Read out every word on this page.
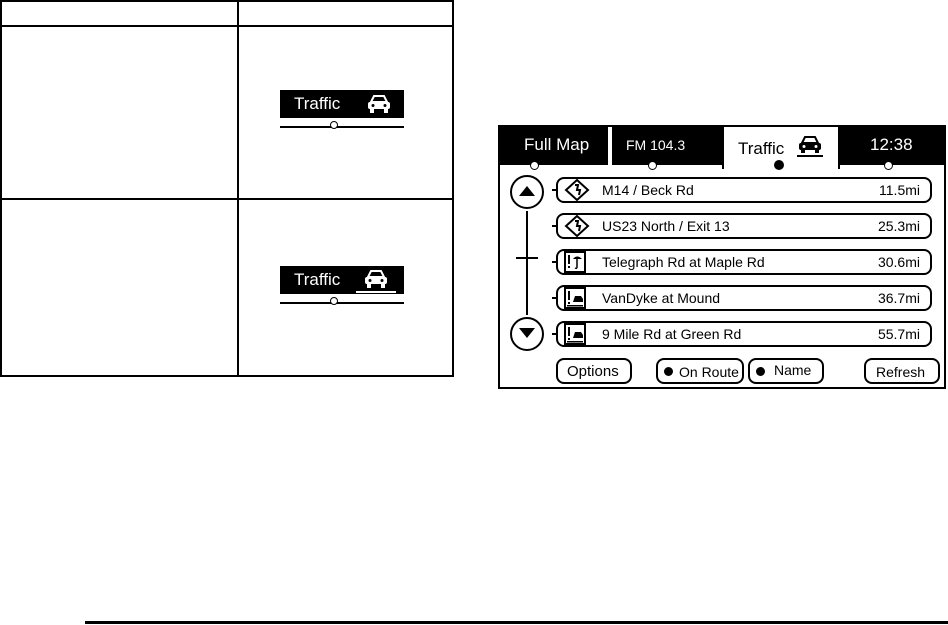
Traffic
Traffic
Full Map	FM 104.3	Traffic	12:38
M14 / Beck Rd	11.5mi
US23 North / Exit 13	25.3mi
Telegraph Rd at Maple Rd	30.6mi
VanDyke at Mound	36.7mi
9 Mile Rd at Green Rd	55.7mi
Options	On Route	Name	Refresh
